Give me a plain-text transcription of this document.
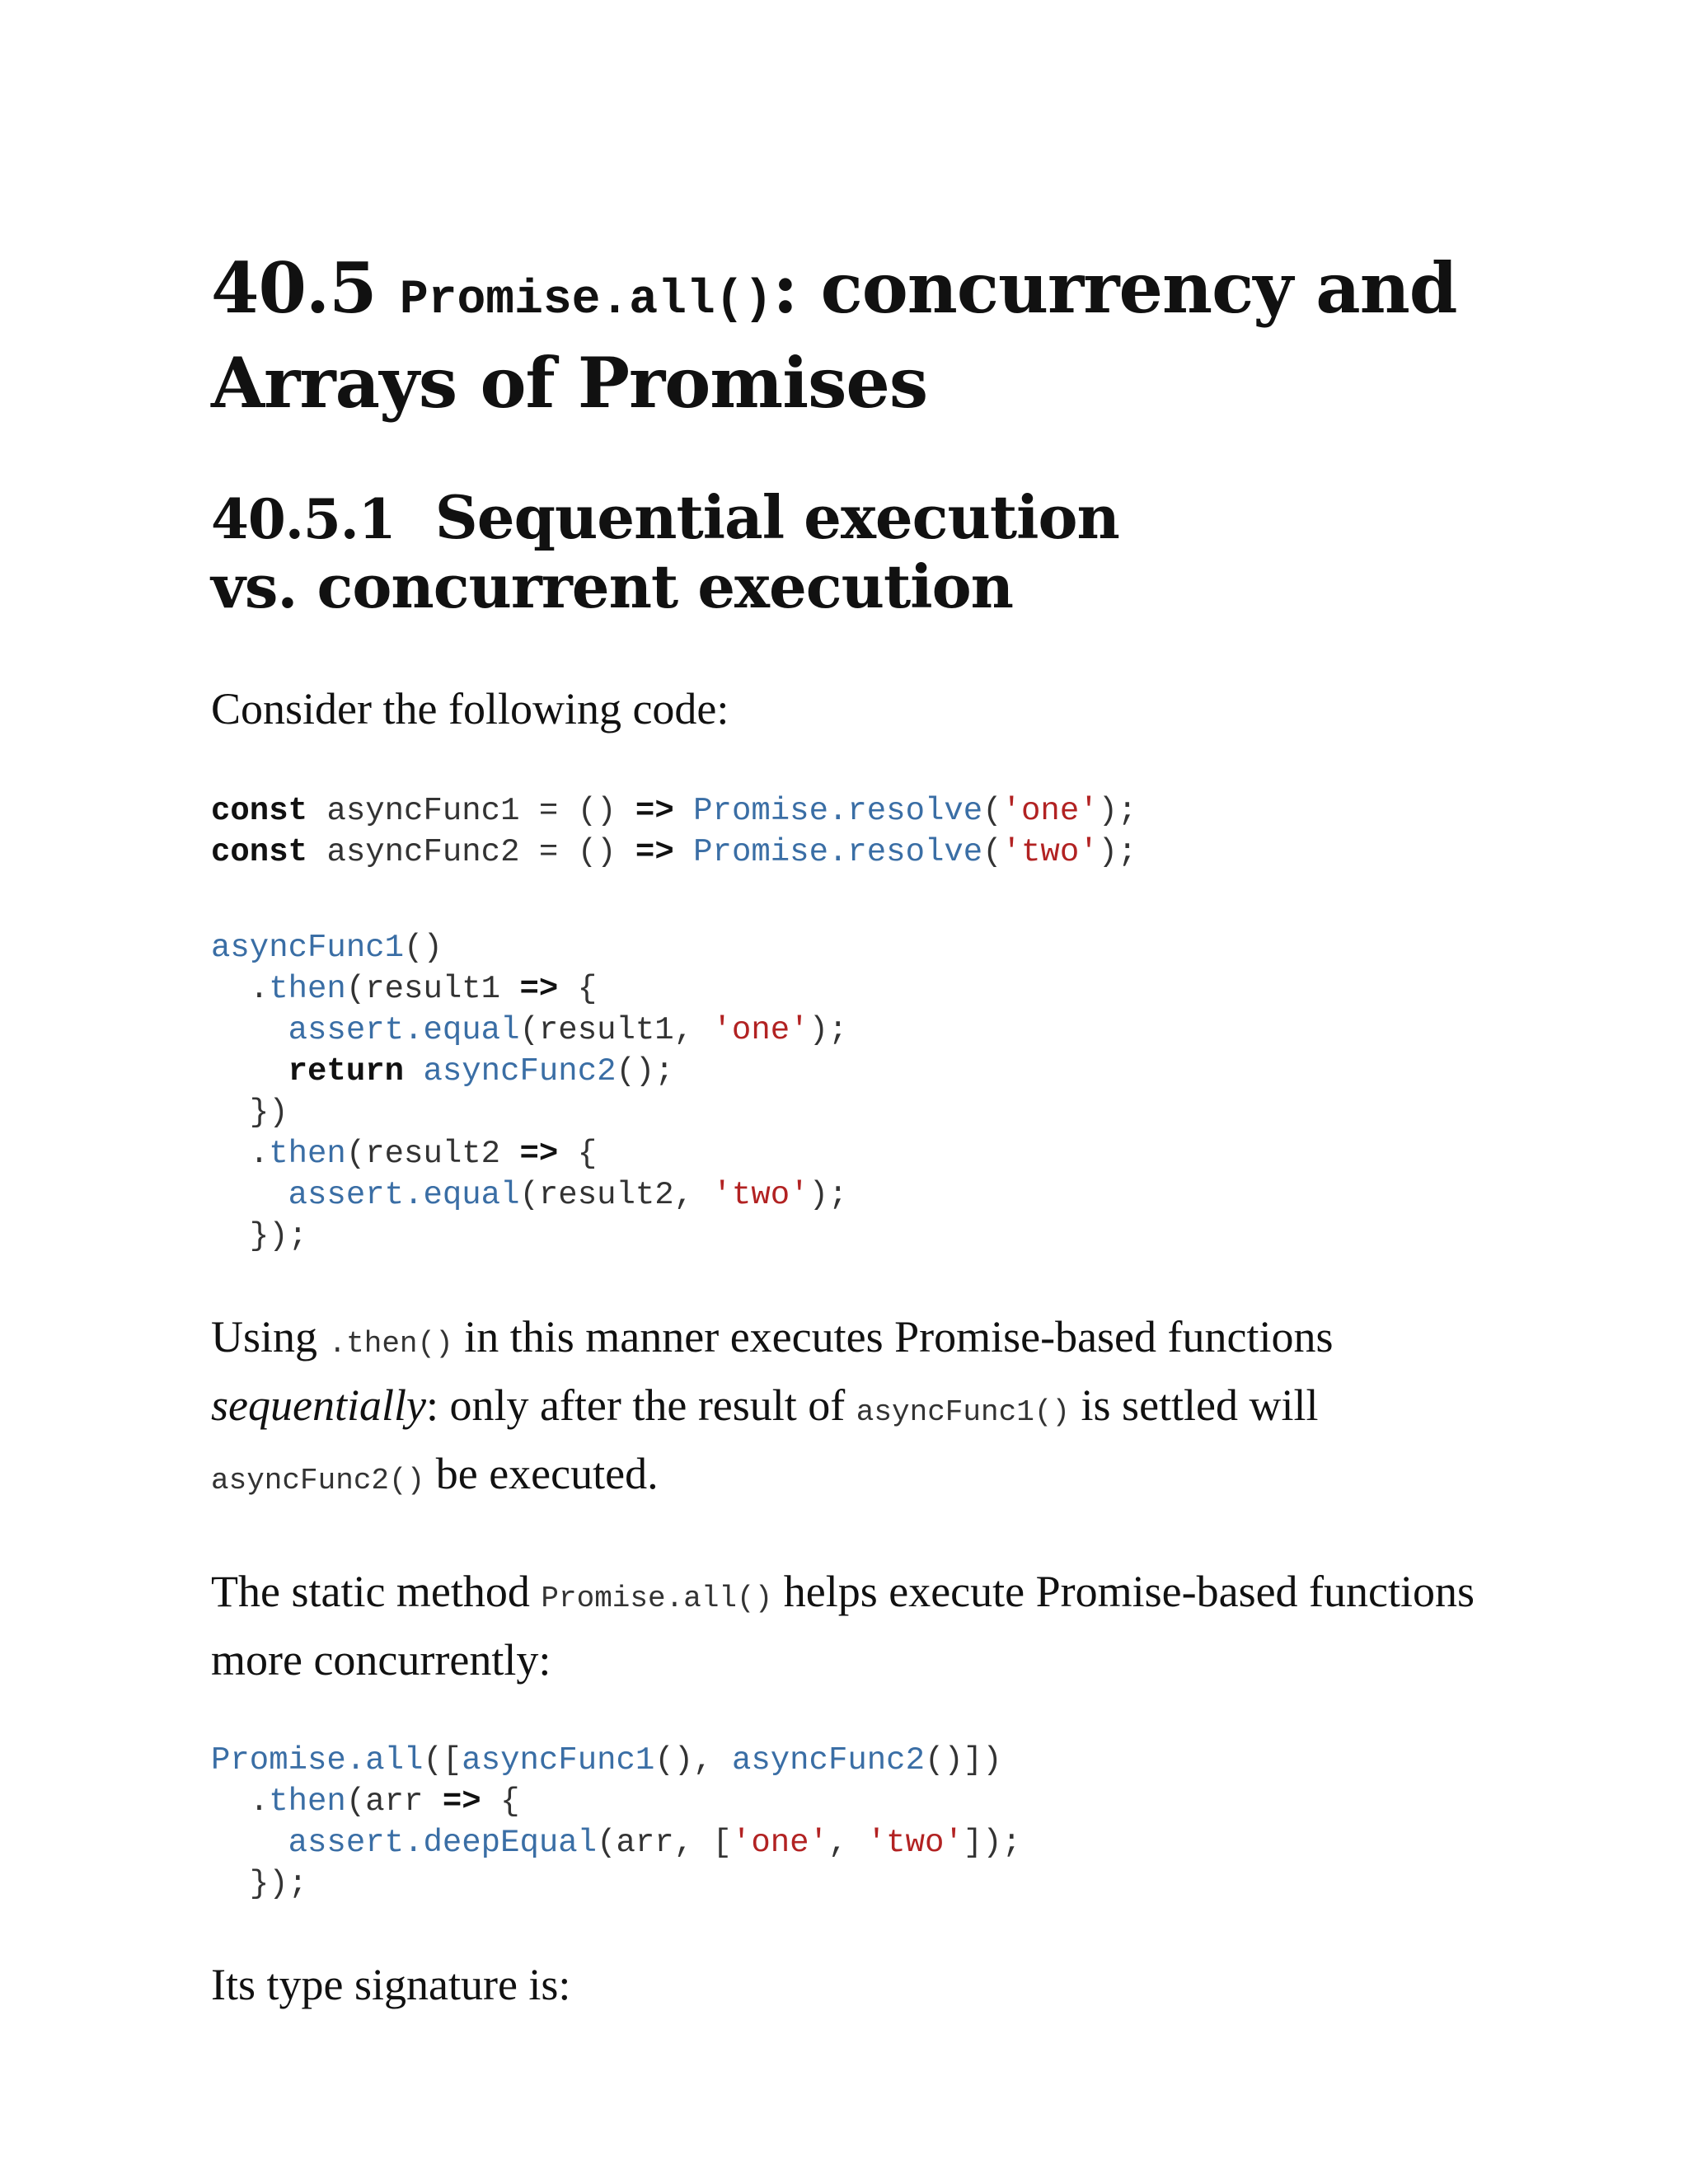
40.5 Promise.all(): concurrency and
Arrays of Promises
40.5.1 Sequential execution
vs. concurrent execution

Consider the following code:

const asyncFunc1 = () => Promise.resolve('one');
const asyncFunc2 = () => Promise.resolve('two');
asyncFunc1()
.then(result1 => {
assert.equal(result1, 'one');
return asyncFunc2();
})
.then(result2 => {
assert.equal(result2, 'two');
});

Using .then() in this manner executes Promise-based functions sequentially: only after the result of asyncFunc1() is settled will asyncFunc2() be executed.

The static method Promise.all() helps execute Promise-based functions more concurrently:

Promise.all([asyncFunc1(), asyncFunc2()])
.then(arr => {
assert.deepEqual(arr, ['one', 'two']);
});

Its type signature is:
